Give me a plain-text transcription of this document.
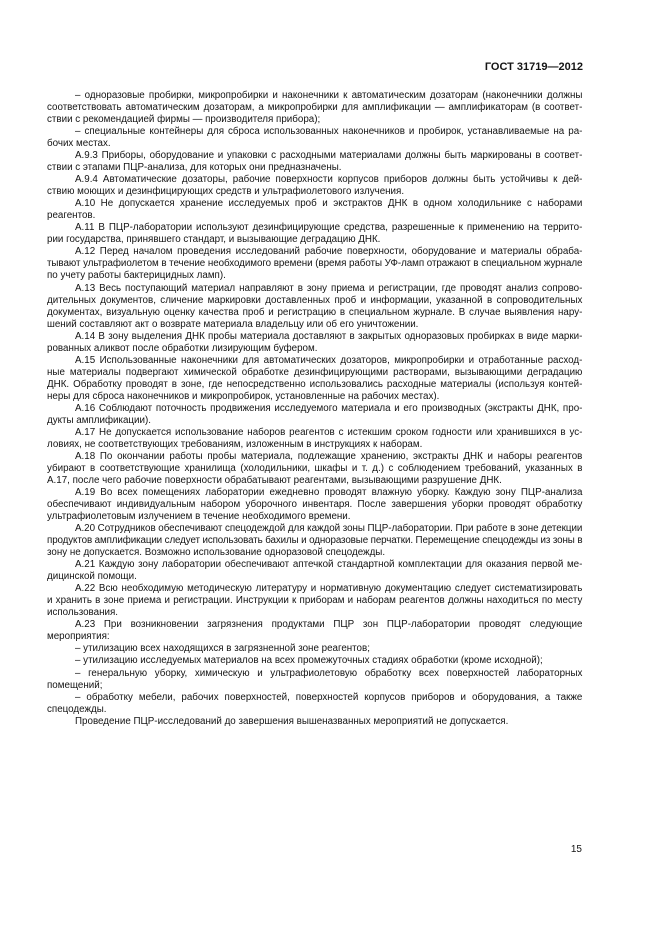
ГОСТ 31719—2012
– одноразовые пробирки, микропробирки и наконечники к автоматическим дозаторам (наконечники должны
соответствовать автоматическим дозаторам, а микропробирки для амплификации — амплификаторам (в соответ-
ствии с рекомендацией фирмы — производителя прибора);
– специальные контейнеры для сброса использованных наконечников и пробирок, устанавливаемые на ра-
бочих местах.
А.9.3 Приборы, оборудование и упаковки с расходными материалами должны быть маркированы в соответ-
ствии с этапами ПЦР-анализа, для которых они предназначены.
А.9.4 Автоматические дозаторы, рабочие поверхности корпусов приборов должны быть устойчивы к дей-
ствию моющих и дезинфицирующих средств и ультрафиолетового излучения.
А.10 Не допускается хранение исследуемых проб и экстрактов ДНК в одном холодильнике с наборами
реагентов.
А.11 В ПЦР-лаборатории используют дезинфицирующие средства, разрешенные к применению на террито-
рии государства, принявшего стандарт, и вызывающие деградацию ДНК.
А.12 Перед началом проведения исследований рабочие поверхности, оборудование и материалы обраба-
тывают ультрафиолетом в течение необходимого времени (время работы УФ-ламп отражают в специальном журнале
по учету работы бактерицидных ламп).
А.13 Весь поступающий материал направляют в зону приема и регистрации, где проводят анализ сопрово-
дительных документов, сличение маркировки доставленных проб и информации, указанной в сопроводительных
документах, визуальную оценку качества проб и регистрацию в специальном журнале. В случае выявления нару-
шений составляют акт о возврате материала владельцу или об его уничтожении.
А.14 В зону выделения ДНК пробы материала доставляют в закрытых одноразовых пробирках в виде марки-
рованных аликвот после обработки лизирующим буфером.
А.15 Использованные наконечники для автоматических дозаторов, микропробирки и отработанные расход-
ные материалы подвергают химической обработке дезинфицирующими растворами, вызывающими деградацию
ДНК. Обработку проводят в зоне, где непосредственно использовались расходные материалы (используя контей-
неры для сброса наконечников и микропробирок, установленные на рабочих местах).
А.16 Соблюдают поточность продвижения исследуемого материала и его производных (экстракты ДНК, про-
дукты амплификации).
А.17 Не допускается использование наборов реагентов с истекшим сроком годности или хранившихся в ус-
ловиях, не соответствующих требованиям, изложенным в инструкциях к наборам.
А.18 По окончании работы пробы материала, подлежащие хранению, экстракты ДНК и наборы реагентов
убирают в соответствующие хранилища (холодильники, шкафы и т. д.) с соблюдением требований, указанных в
А.17, после чего рабочие поверхности обрабатывают реагентами, вызывающими разрушение ДНК.
А.19 Во всех помещениях лаборатории ежедневно проводят влажную уборку. Каждую зону ПЦР-анализа
обеспечивают индивидуальным набором уборочного инвентаря. После завершения уборки проводят обработку
ультрафиолетовым излучением в течение необходимого времени.
А.20 Сотрудников обеспечивают спецодеждой для каждой зоны ПЦР-лаборатории. При работе в зоне детекции
продуктов амплификации следует использовать бахилы и одноразовые перчатки. Перемещение спецодежды из зоны в
зону не допускается. Возможно использование одноразовой спецодежды.
А.21 Каждую зону лаборатории обеспечивают аптечкой стандартной комплектации для оказания первой ме-
дицинской помощи.
А.22 Всю необходимую методическую литературу и нормативную документацию следует систематизировать
и хранить в зоне приема и регистрации. Инструкции к приборам и наборам реагентов должны находиться по месту
использования.
А.23 При возникновении загрязнения продуктами ПЦР зон ПЦР-лаборатории проводят следующие
мероприятия:
– утилизацию всех находящихся в загрязненной зоне реагентов;
– утилизацию исследуемых материалов на всех промежуточных стадиях обработки (кроме исходной);
– генеральную уборку, химическую и ультрафиолетовую обработку всех поверхностей лабораторных
помещений;
– обработку мебели, рабочих поверхностей, поверхностей корпусов приборов и оборудования, а также
спецодежды.
Проведение ПЦР-исследований до завершения вышеназванных мероприятий не допускается.
15
